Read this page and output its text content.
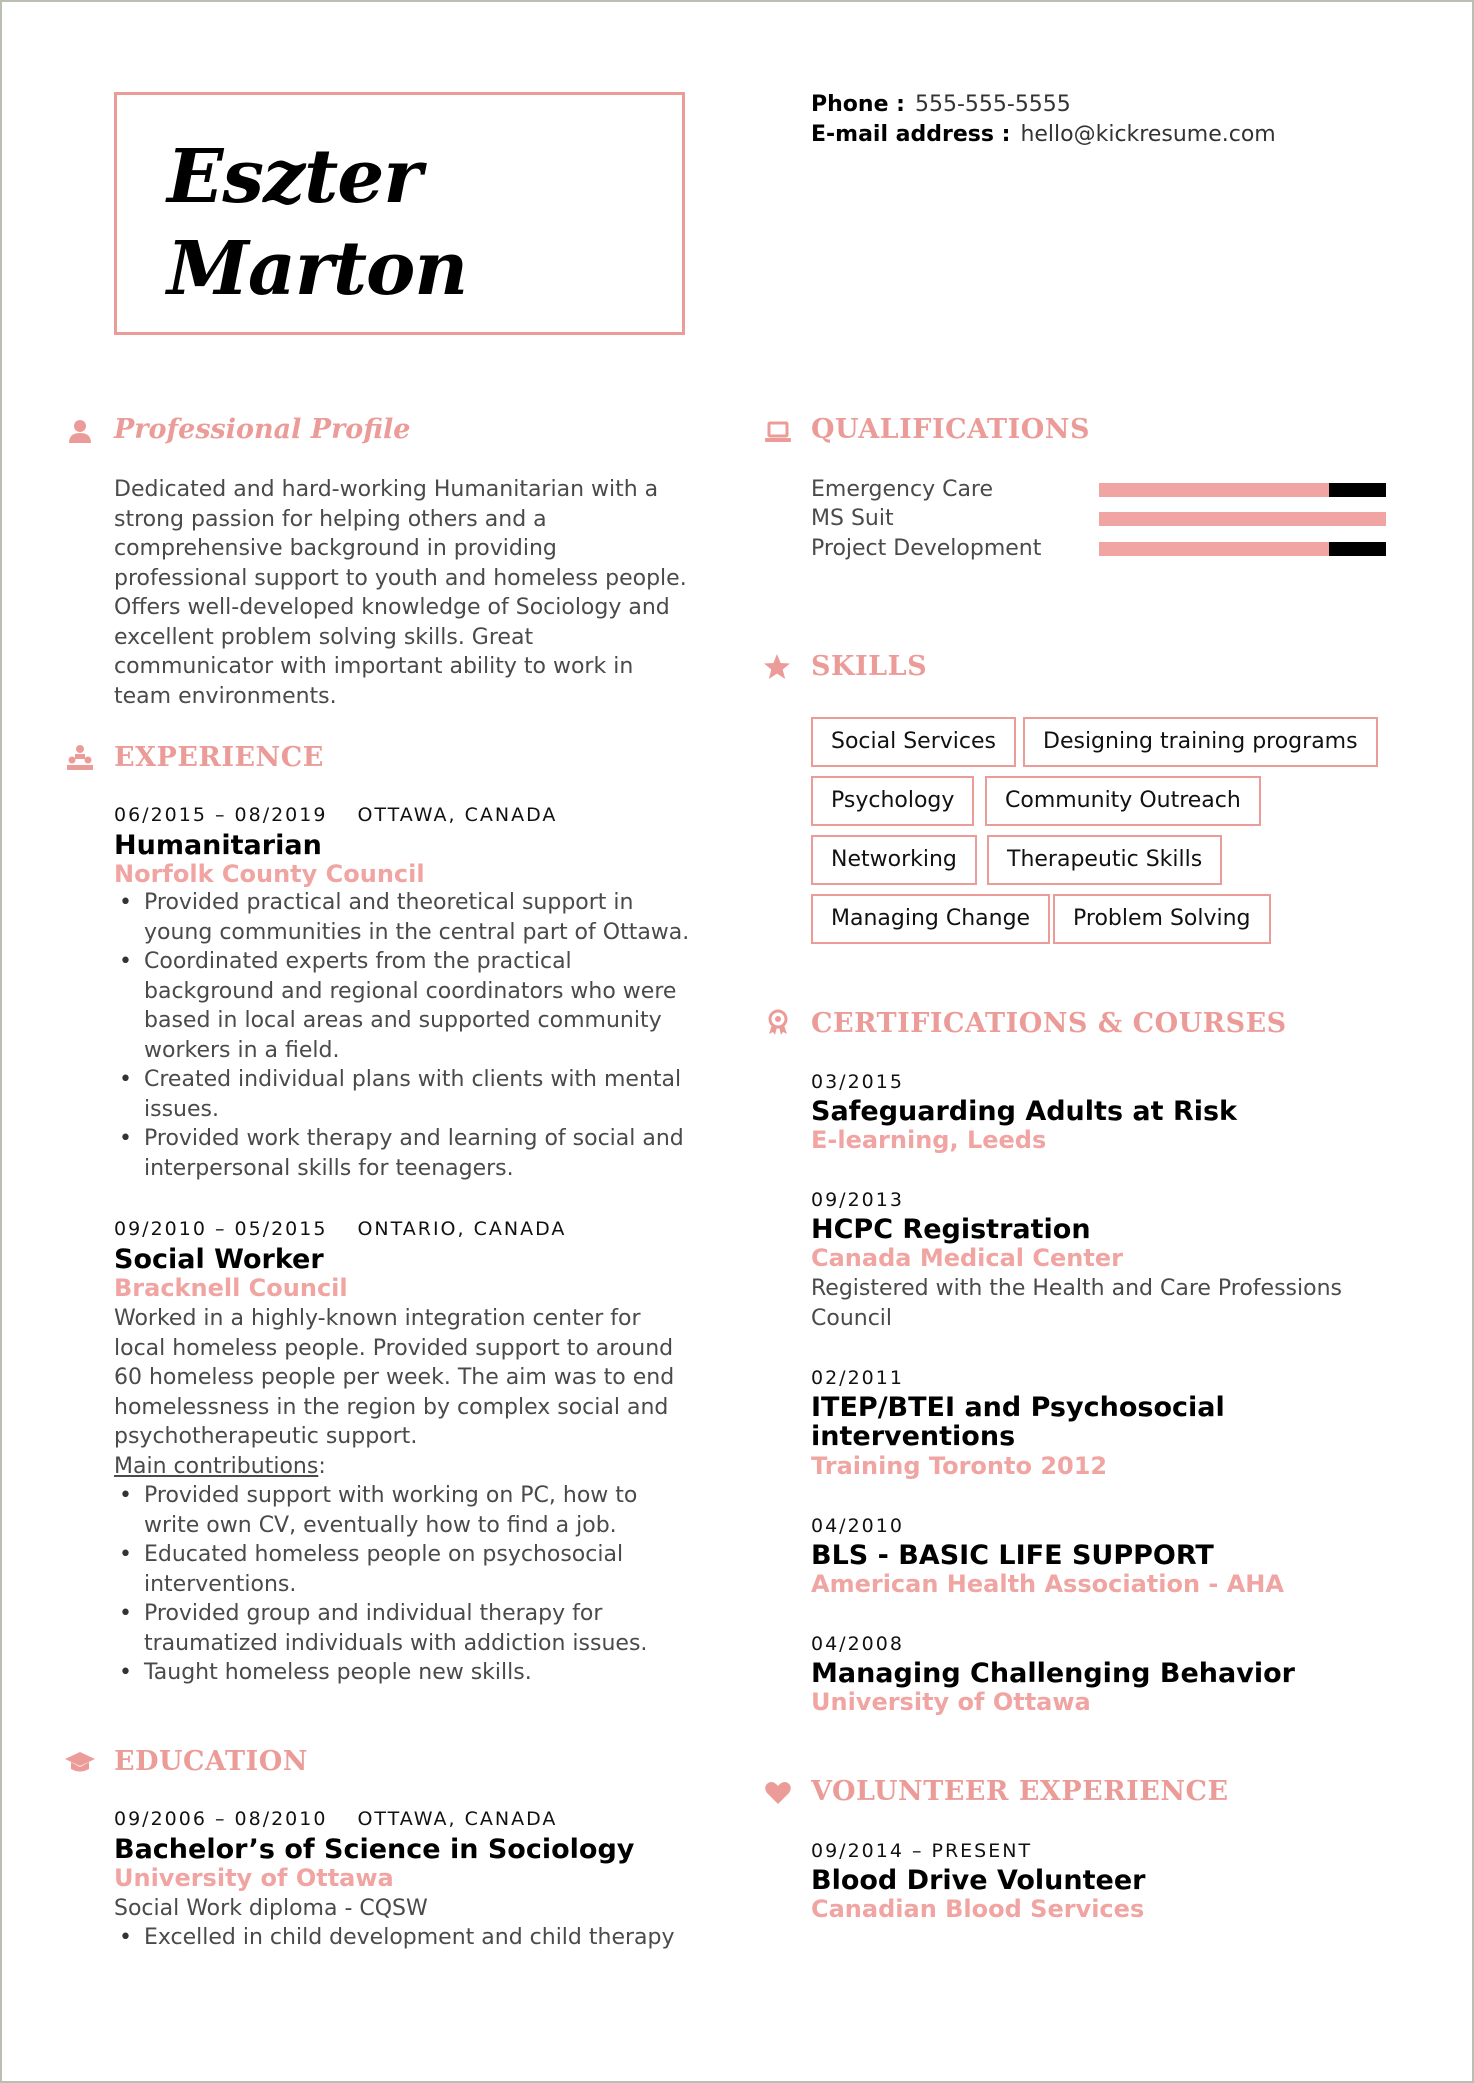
Eszter
Marton
Phone : 555-555-5555
E-mail address : hello@kickresume.com
Professional Profile
Dedicated and hard-working Humanitarian with a strong passion for helping others and a comprehensive background in providing professional support to youth and homeless people. Offers well-developed knowledge of Sociology and excellent problem solving skills. Great communicator with important ability to work in team environments.
EXPERIENCE
06/2015 – 08/2019 OTTAWA, CANADA
Humanitarian
Norfolk County Council
• Provided practical and theoretical support in young communities in the central part of Ottawa.
• Coordinated experts from the practical background and regional coordinators who were based in local areas and supported community workers in a field.
• Created individual plans with clients with mental issues.
• Provided work therapy and learning of social and interpersonal skills for teenagers.
09/2010 – 05/2015 ONTARIO, CANADA
Social Worker
Bracknell Council
Worked in a highly-known integration center for local homeless people. Provided support to around 60 homeless people per week. The aim was to end homelessness in the region by complex social and psychotherapeutic support.
Main contributions:
• Provided support with working on PC, how to write own CV, eventually how to find a job.
• Educated homeless people on psychosocial interventions.
• Provided group and individual therapy for traumatized individuals with addiction issues.
• Taught homeless people new skills.
EDUCATION
09/2006 – 08/2010 OTTAWA, CANADA
Bachelor’s of Science in Sociology
University of Ottawa
Social Work diploma - CQSW
• Excelled in child development and child therapy
QUALIFICATIONS
Emergency Care
MS Suit
Project Development
SKILLS
Social Services	Designing training programs
Psychology	Community Outreach
Networking	Therapeutic Skills
Managing Change	Problem Solving
CERTIFICATIONS & COURSES
03/2015
Safeguarding Adults at Risk
E-learning, Leeds
09/2013
HCPC Registration
Canada Medical Center
Registered with the Health and Care Professions Council
02/2011
ITEP/BTEI and Psychosocial interventions
Training Toronto 2012
04/2010
BLS - BASIC LIFE SUPPORT
American Health Association - AHA
04/2008
Managing Challenging Behavior
University of Ottawa
VOLUNTEER EXPERIENCE
09/2014 – PRESENT
Blood Drive Volunteer
Canadian Blood Services
